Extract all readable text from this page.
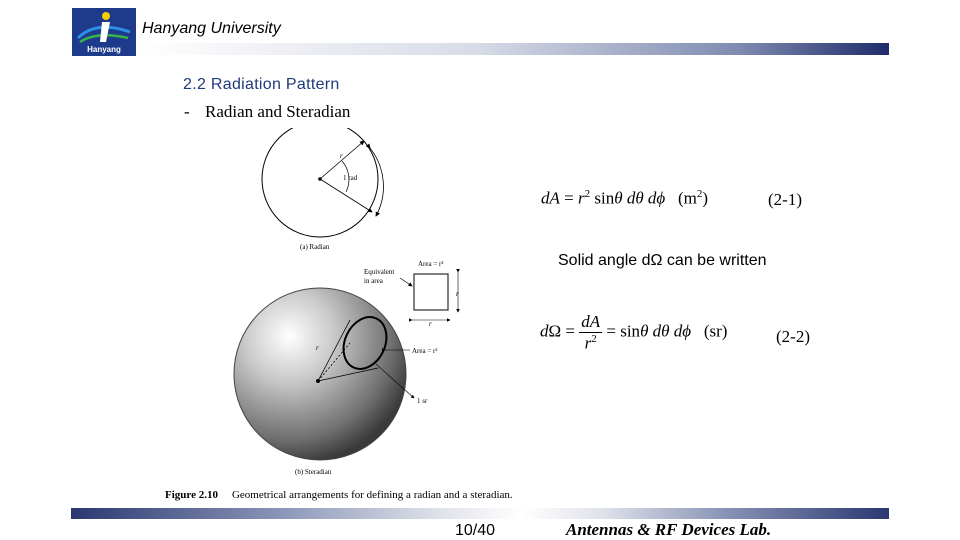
Hanyang
Hanyang University
2.2 Radiation Pattern
- Radian and Steradian
1 rad
r
(a) Radian
Equivalent
in area
Area = r²
r
r
r	Area = r²
1 sr
(b) Steradian
Figure 2.10 Geometrical arrangements for defining a radian and a steradian.
dA = $r^2$ sinθ dθ dϕ   $(m^2)$	(2-1)
Solid angle dΩ can be written
$d\Omega = \frac{dA}{r^2} = \sin\theta$ dθ dϕ   (sr)	(2-2)
10/40	Antennas & RF Devices Lab.
